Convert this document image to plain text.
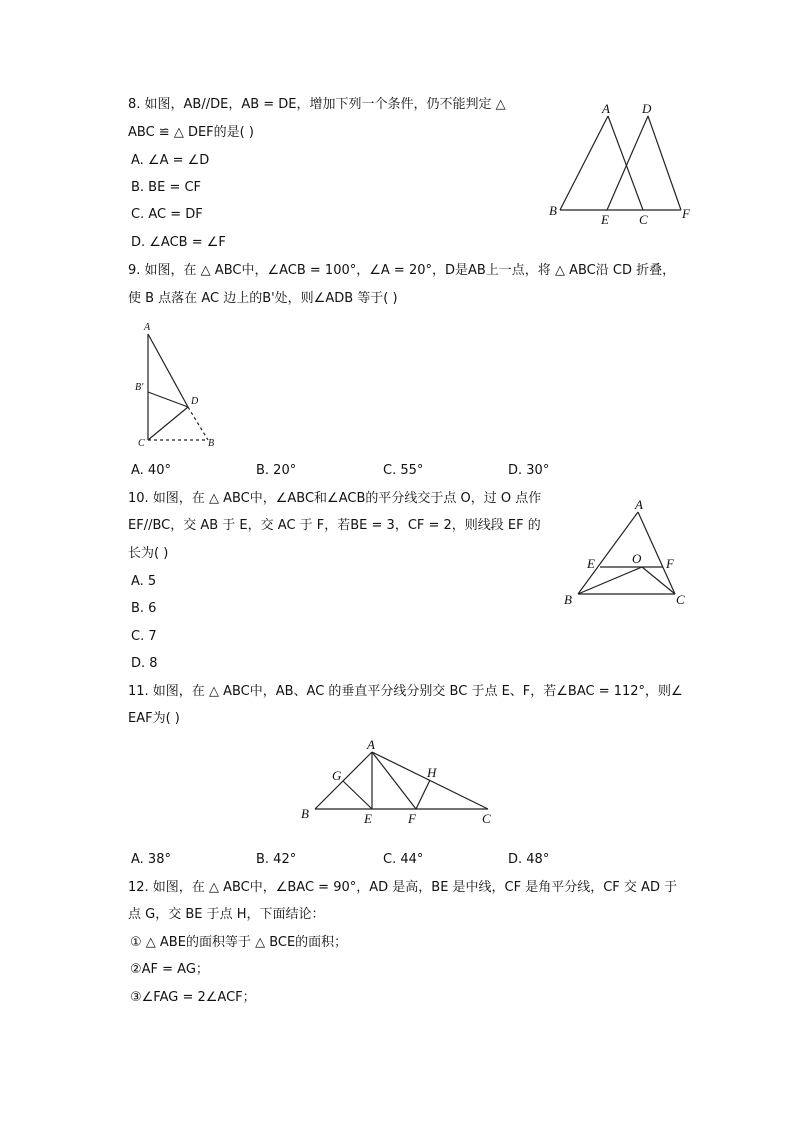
8. 如图，AB//DE，AB = DE，增加下列一个条件，仍不能判定 △
ABC ≌ △ DEF的是( )
A. ∠A = ∠D
B. BE = CF
C. AC = DF
D. ∠ACB = ∠F
A D
B
E C	F
9. 如图，在 △ ABC中，∠ACB = 100°，∠A = 20°，D是AB上一点，将 △ ABC沿 CD 折叠，
使 B 点落在 AC 边上的B'处，则∠ADB 等于( )
A
B'
D
C	B
A. 40°	B. 20°	C. 55°	D. 30°
10. 如图，在 △ ABC中，∠ABC和∠ACB的平分线交于点 O，过 O 点作
EF//BC，交 AB 于 E，交 AC 于 F，若BE = 3，CF = 2，则线段 EF 的
长为( )
A. 5
B. 6
C. 7
D. 8
A
E	O F
B	C
11. 如图，在 △ ABC中，AB、AC 的垂直平分线分别交 BC 于点 E、F，若∠BAC = 112°，则∠
EAF为( )
A
G	H
B	E	F	C
A. 38°	B. 42°	C. 44°	D. 48°
12. 如图，在 △ ABC中，∠BAC = 90°，AD 是高，BE 是中线，CF 是角平分线，CF 交 AD 于
点 G，交 BE 于点 H，下面结论：
① △ ABE的面积等于 △ BCE的面积；
②AF = AG；
③∠FAG = 2∠ACF；
